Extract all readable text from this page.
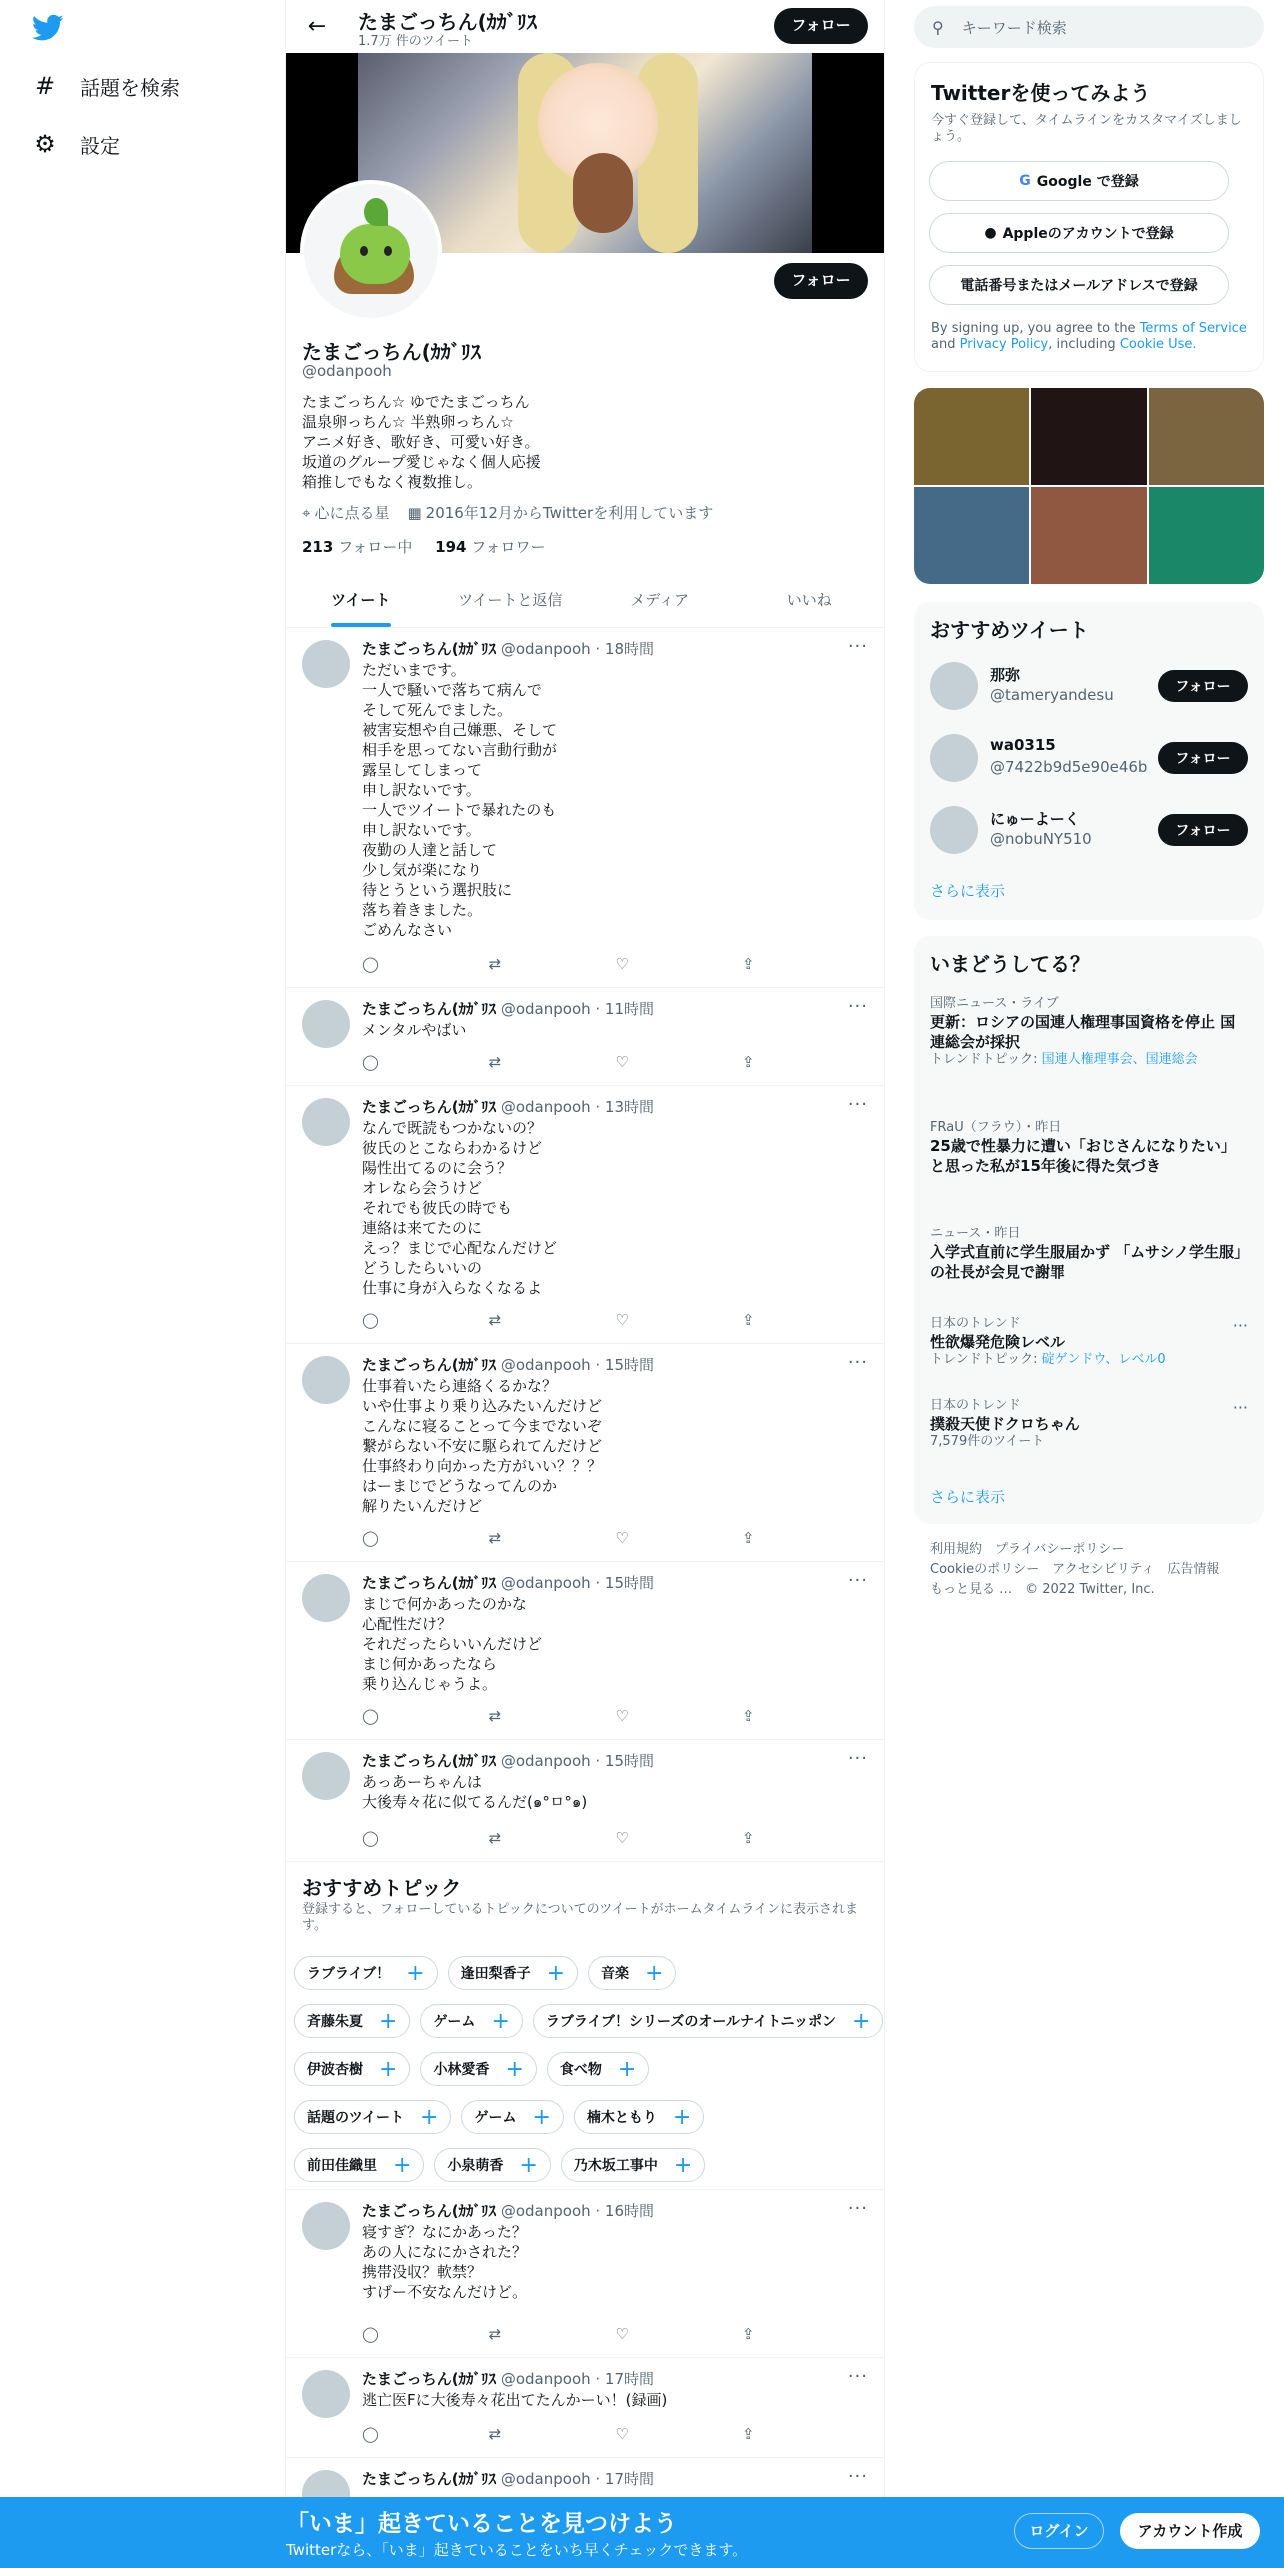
# 話題を検索
⚙ 設定
←	たまごっちん(ｶｶﾞﾘｽ
1.7万 件のツイート
フォロー
フォロー
たまごっちん(ｶｶﾞﾘｽ
@odanpooh
たまごっちん☆ ゆでたまごっちん
温泉卵っちん☆ 半熟卵っちん☆
アニメ好き、歌好き、可愛い好き。
坂道のグループ愛じゃなく個人応援
箱推しでもなく複数推し。
⌖ 心に点る星 ▦ 2016年12月からTwitterを利用しています
213 フォロー中 194 フォロワー
ツイート	ツイートと返信	メディア	いいね
たまごっちん(ｶｶﾞﾘｽ @odanpooh · 18時間	···
ただいまです。
一人で騒いで落ちて病んで
そして死んでました。
被害妄想や自己嫌悪、そして
相手を思ってない言動行動が
露呈してしまって
申し訳ないです。
一人でツイートで暴れたのも
申し訳ないです。
夜勤の人達と話して
少し気が楽になり
待とうという選択肢に
落ち着きました。
ごめんなさい
◯	⇄	♡	⇪
たまごっちん(ｶｶﾞﾘｽ @odanpooh · 11時間	···
メンタルやばい
◯	⇄	♡	⇪
たまごっちん(ｶｶﾞﾘｽ @odanpooh · 13時間	···
なんで既読もつかないの？
彼氏のとこならわかるけど
陽性出てるのに会う？
オレなら会うけど
それでも彼氏の時でも
連絡は来てたのに
えっ？まじで心配なんだけど
どうしたらいいの
仕事に身が入らなくなるよ
◯	⇄	♡	⇪
たまごっちん(ｶｶﾞﾘｽ @odanpooh · 15時間	···
仕事着いたら連絡くるかな？
いや仕事より乗り込みたいんだけど
こんなに寝ることって今までないぞ
繋がらない不安に駆られてんだけど
仕事終わり向かった方がいい？？？
はーまじでどうなってんのか
解りたいんだけど
◯	⇄	♡	⇪
たまごっちん(ｶｶﾞﾘｽ @odanpooh · 15時間	···
まじで何かあったのかな
心配性だけ？
それだったらいいんだけど
まじ何かあったなら
乗り込んじゃうよ。
◯	⇄	♡	⇪
たまごっちん(ｶｶﾞﾘｽ @odanpooh · 15時間	···
あっあーちゃんは
大後寿々花に似てるんだ(๑°ㅁ°๑)
◯	⇄	♡	⇪
おすすめトピック
登録すると、フォローしているトピックについてのツイートがホームタイムラインに表示されます。
ラブライブ！ +	逢田梨香子 +	音楽 +
斉藤朱夏 +	ゲーム +	ラブライブ！シリーズのオールナイトニッポン +
伊波杏樹 +	小林愛香 +	食べ物 +
話題のツイート +	ゲーム +	楠木ともり +
前田佳織里 +	小泉萌香 +	乃木坂工事中 +
たまごっちん(ｶｶﾞﾘｽ @odanpooh · 16時間	···
寝すぎ？なにかあった？
あの人になにかされた？
携帯没収？軟禁？
すげー不安なんだけど。
◯	⇄	♡	⇪
たまごっちん(ｶｶﾞﾘｽ @odanpooh · 17時間	···
逃亡医Fに大後寿々花出てたんかーい！(録画)
◯	⇄	♡	⇪
たまごっちん(ｶｶﾞﾘｽ @odanpooh · 17時間	···
⚲ キーワード検索
Twitterを使ってみよう
今すぐ登録して、タイムラインをカスタマイズしましょう。
G Google で登録
● Appleのアカウントで登録
電話番号またはメールアドレスで登録
By signing up, you agree to the Terms of Service and Privacy Policy, including Cookie Use.
おすすめツイート
那弥
@tameryandesu	フォロー
wa0315
@7422b9d5e90e46b	フォロー
にゅーよーく
@nobuNY510	フォロー
さらに表示
いまどうしてる？
国際ニュース・ライブ
更新：ロシアの国連人権理事国資格を停止 国連総会が採択
トレンドトピック: 国連人権理事会、国連総会
FRaU（フラウ）・昨日
25歳で性暴力に遭い「おじさんになりたい」と思った私が15年後に得た気づき
ニュース・昨日
入学式直前に学生服届かず 「ムサシノ学生服」の社長が会見で謝罪
日本のトレンド
性欲爆発危険レベル
トレンドトピック: 碇ゲンドウ、レベル0
···
日本のトレンド
撲殺天使ドクロちゃん
7,579件のツイート
···
さらに表示
利用規約　プライバシーポリシー
Cookieのポリシー　アクセシビリティ　広告情報
もっと見る …　© 2022 Twitter, Inc.
「いま」起きていることを見つけよう
Twitterなら、「いま」起きていることをいち早くチェックできます。
ログイン	アカウント作成
